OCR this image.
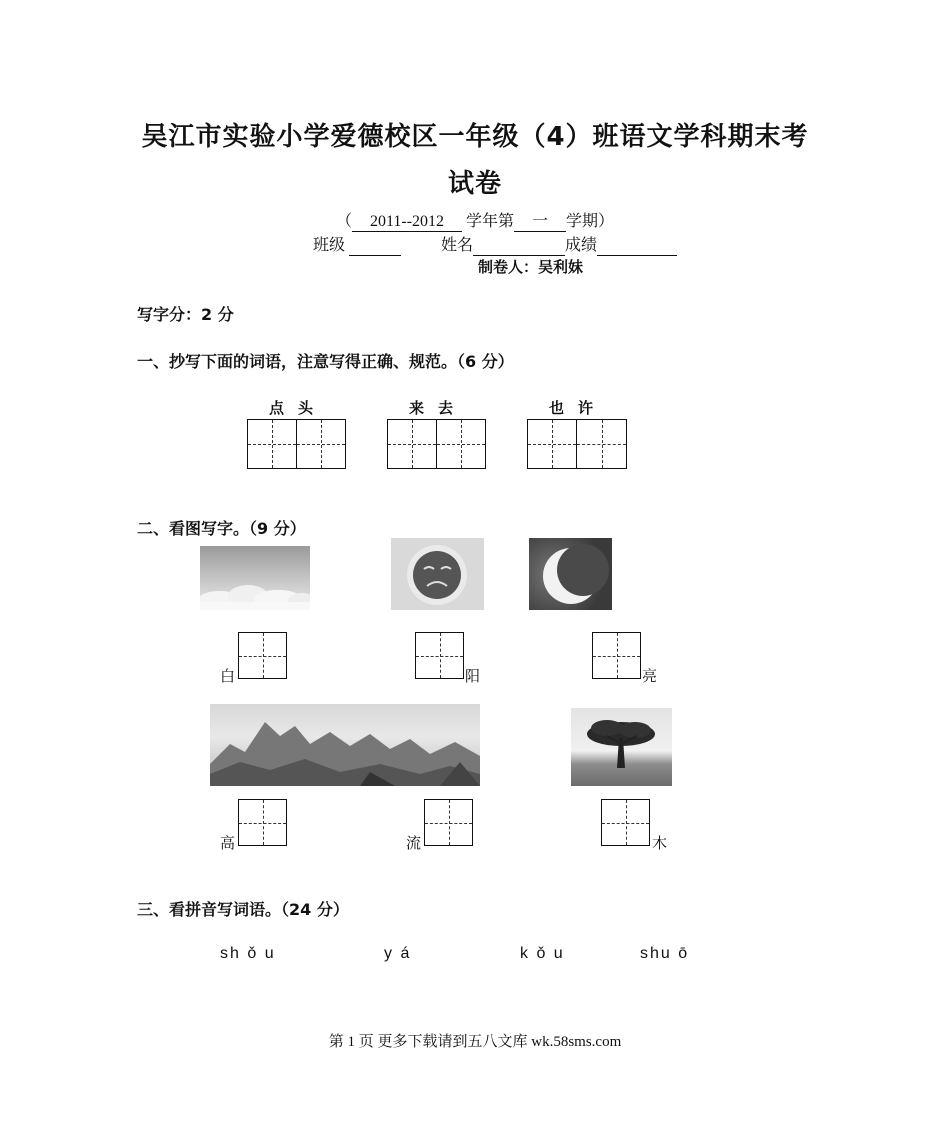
吴江市实验小学爱德校区一年级（4）班语文学科期末考
试卷
（ 2011--2012 学年第 一 学期）
班级	姓名	成绩
制卷人：吴利妹
写字分：2 分
一、抄写下面的词语，注意写得正确、规范。（6 分）
点头	来去	也许
二、看图写字。（9 分）
白	阳	亮
高	流	木
三、看拼音写词语。（24 分）
sh ǒ u	y á	k ǒ u	shu ō
第 1 页 更多下载请到五八文库 wk.58sms.com
